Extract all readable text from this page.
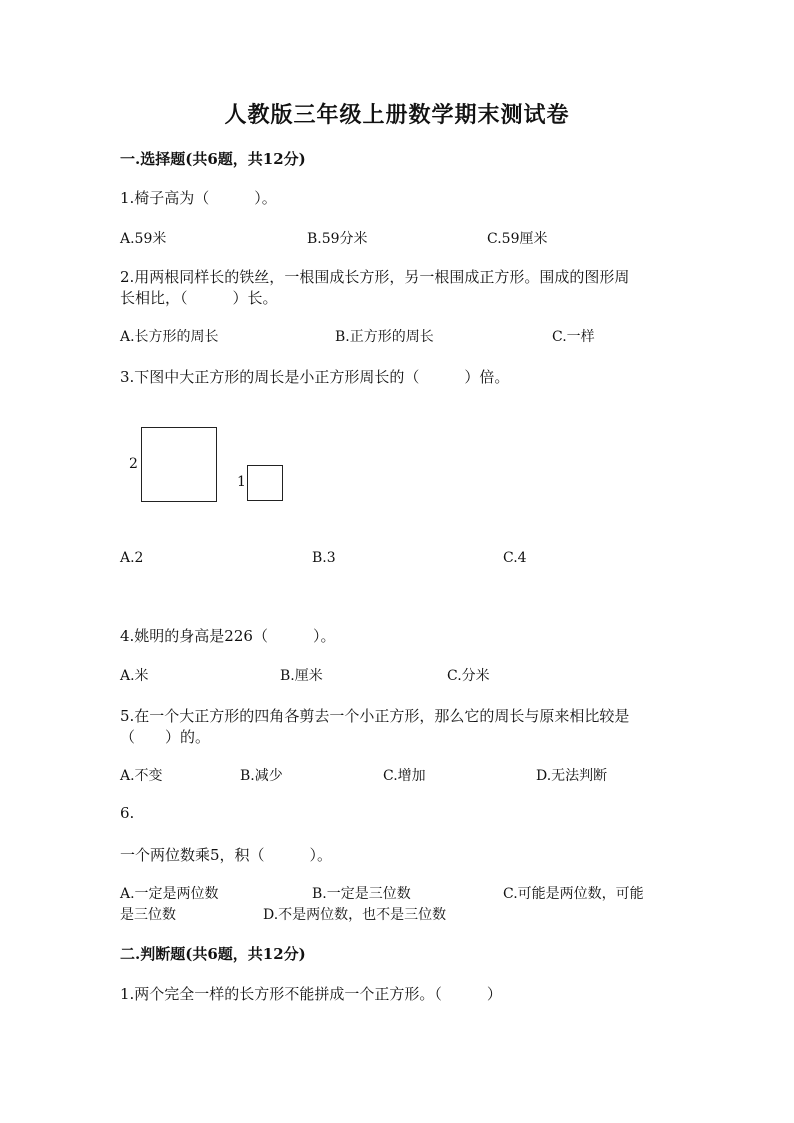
人教版三年级上册数学期末测试卷
一.选择题(共6题，共12分)
1.椅子高为（　　　）。
A.59米	B.59分米	C.59厘米
2.用两根同样长的铁丝，一根围成长方形，另一根围成正方形。围成的图形周
长相比，（　　　）长。
A.长方形的周长	B.正方形的周长	C.一样
3.下图中大正方形的周长是小正方形周长的（　　　）倍。
2
1
A.2	B.3	C.4
4.姚明的身高是226（　　　）。
A.米	B.厘米	C.分米
5.在一个大正方形的四角各剪去一个小正方形，那么它的周长与原来相比较是
（　　）的。
A.不变	B.减少	C.增加	D.无法判断
6.
一个两位数乘5，积（　　　）。
A.一定是两位数	B.一定是三位数	C.可能是两位数，可能
是三位数	D.不是两位数，也不是三位数
二.判断题(共6题，共12分)
1.两个完全一样的长方形不能拼成一个正方形。（　　　）
